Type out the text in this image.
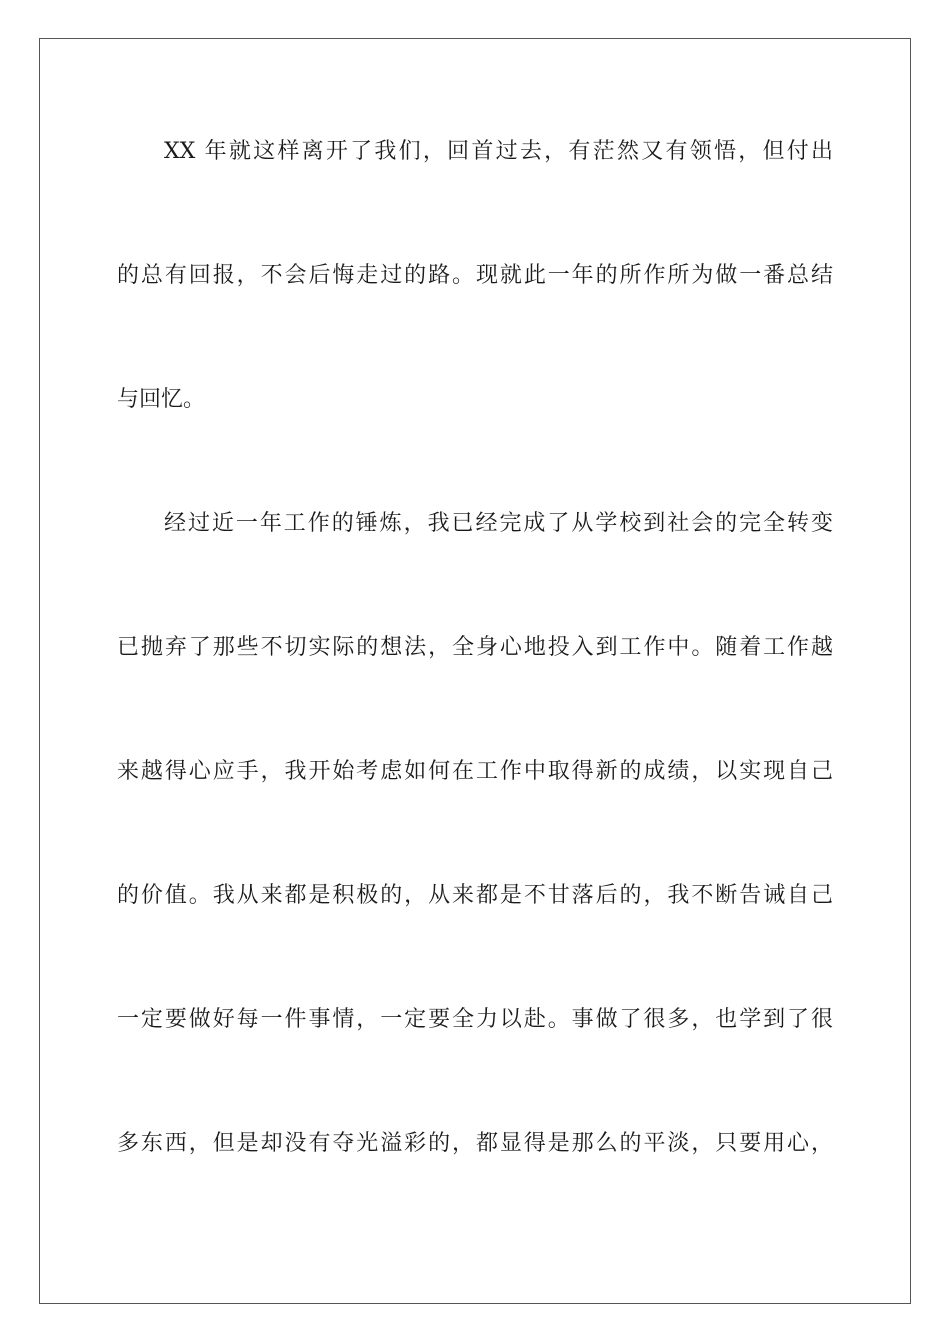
XX 年就这样离开了我们，回首过去，有茫然又有领悟，但付出
的总有回报，不会后悔走过的路。现就此一年的所作所为做一番总结
与回忆。
经过近一年工作的锤炼，我已经完成了从学校到社会的完全转变
已抛弃了那些不切实际的想法，全身心地投入到工作中。随着工作越
来越得心应手，我开始考虑如何在工作中取得新的成绩，以实现自己
的价值。我从来都是积极的，从来都是不甘落后的，我不断告诫自己
一定要做好每一件事情，一定要全力以赴。事做了很多，也学到了很
多东西，但是却没有夺光溢彩的，都显得是那么的平淡，只要用心，
